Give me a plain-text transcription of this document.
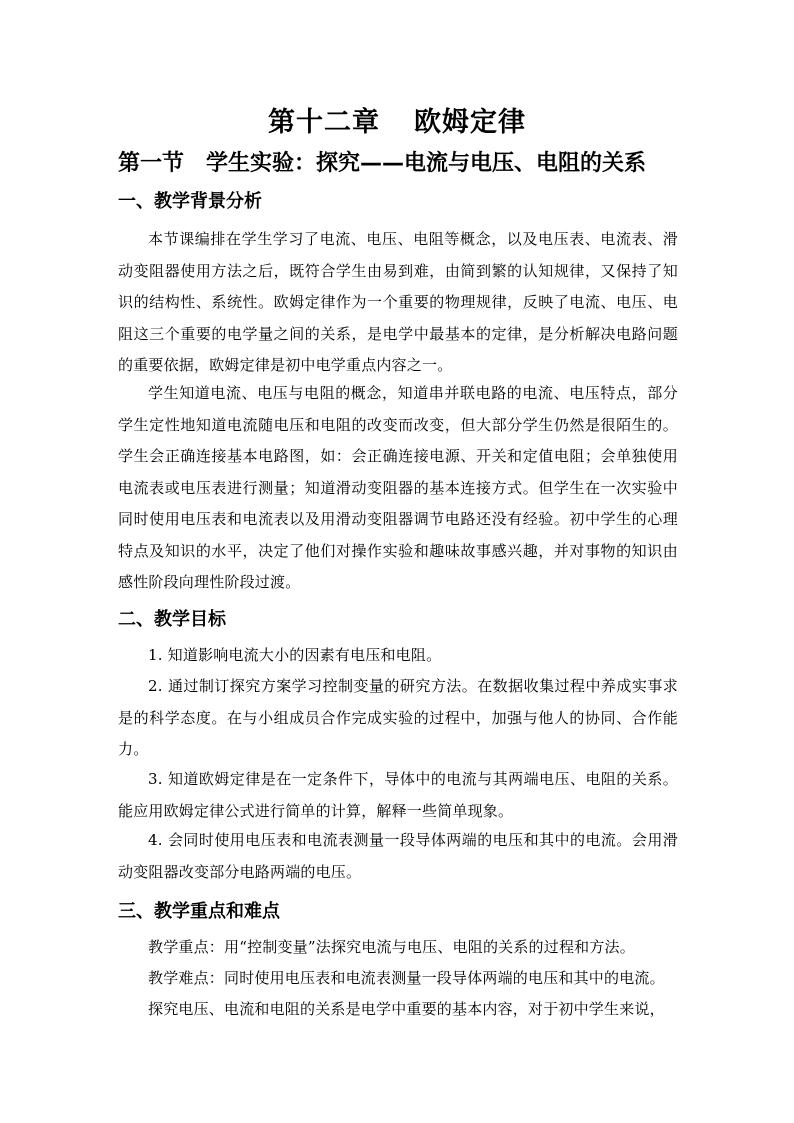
第十二章 欧姆定律
第一节 学生实验：探究——电流与电压、电阻的关系
一、教学背景分析

本节课编排在学生学习了电流、电压、电阻等概念，以及电压表、电流表、滑动变阻器使用方法之后，既符合学生由易到难，由简到繁的认知规律，又保持了知识的结构性、系统性。欧姆定律作为一个重要的物理规律，反映了电流、电压、电阻这三个重要的电学量之间的关系，是电学中最基本的定律，是分析解决电路问题的重要依据，欧姆定律是初中电学重点内容之一。

学生知道电流、电压与电阻的概念，知道串并联电路的电流、电压特点，部分学生定性地知道电流随电压和电阻的改变而改变，但大部分学生仍然是很陌生的。学生会正确连接基本电路图，如：会正确连接电源、开关和定值电阻；会单独使用电流表或电压表进行测量；知道滑动变阻器的基本连接方式。但学生在一次实验中同时使用电压表和电流表以及用滑动变阻器调节电路还没有经验。初中学生的心理特点及知识的水平，决定了他们对操作实验和趣味故事感兴趣，并对事物的知识由感性阶段向理性阶段过渡。

二、教学目标

1. 知道影响电流大小的因素有电压和电阻。

2. 通过制订探究方案学习控制变量的研究方法。在数据收集过程中养成实事求是的科学态度。在与小组成员合作完成实验的过程中，加强与他人的协同、合作能力。

3. 知道欧姆定律是在一定条件下，导体中的电流与其两端电压、电阻的关系。能应用欧姆定律公式进行简单的计算，解释一些简单现象。

4. 会同时使用电压表和电流表测量一段导体两端的电压和其中的电流。会用滑动变阻器改变部分电路两端的电压。

三、教学重点和难点

教学重点：用“控制变量”法探究电流与电压、电阻的关系的过程和方法。

教学难点：同时使用电压表和电流表测量一段导体两端的电压和其中的电流。

探究电压、电流和电阻的关系是电学中重要的基本内容，对于初中学生来说，
